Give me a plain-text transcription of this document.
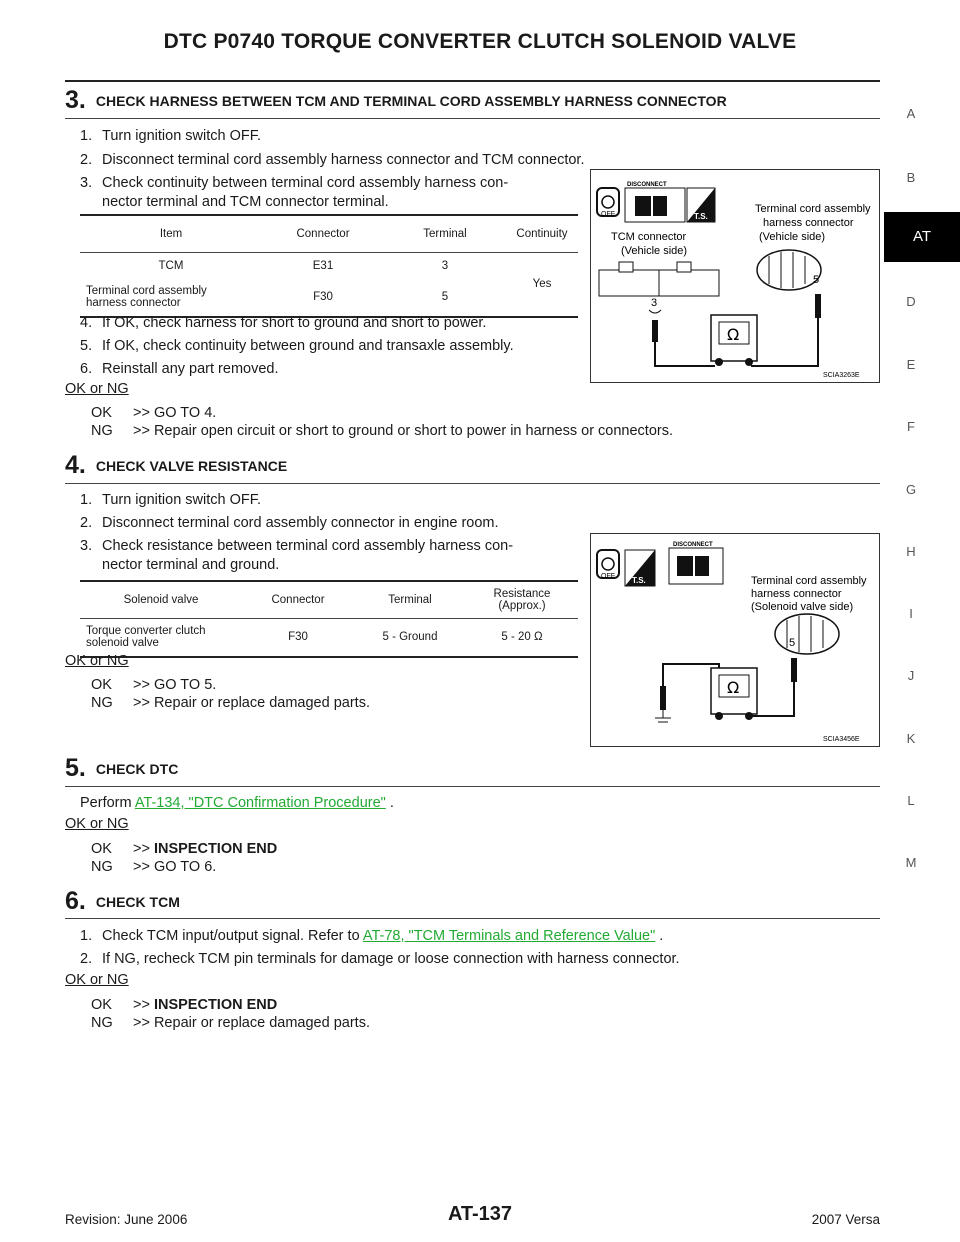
DTC P0740 TORQUE CONVERTER CLUTCH SOLENOID VALVE
A
B
AT
D
E
F
G
H
I
J
K
L
M
3. CHECK HARNESS BETWEEN TCM AND TERMINAL CORD ASSEMBLY HARNESS CONNECTOR
1. Turn ignition switch OFF.
2. Disconnect terminal cord assembly harness connector and TCM connector.
3. Check continuity between terminal cord assembly harness con-
nector terminal and TCM connector terminal.
Item	Connector	Terminal	Continuity
TCM	E31	3	Yes
Terminal cord assembly
harness connector	F30	5	
4. If OK, check harness for short to ground and short to power.
5. If OK, check continuity between ground and transaxle assembly.
6. Reinstall any part removed.
OK or NG
OK >> GO TO 4.
NG >> Repair open circuit or short to ground or short to power in harness or connectors.
OFF
DISCONNECT
T.S.
Terminal cord assembly
harness connector
(Vehicle side)
TCM connector
(Vehicle side)
3
5
Ω
SCIA3263E
4. CHECK VALVE RESISTANCE
1. Turn ignition switch OFF.
2. Disconnect terminal cord assembly connector in engine room.
3. Check resistance between terminal cord assembly harness con-
nector terminal and ground.
Solenoid valve	Connector	Terminal	Resistance (Approx.)
Torque converter clutch
solenoid valve	F30	5 - Ground	5 - 20 Ω
OK or NG
OK >> GO TO 5.
NG >> Repair or replace damaged parts.
OFF T.S.
DISCONNECT
Terminal cord assembly
harness connector
(Solenoid valve side)
5
Ω
SCIA3456E
5. CHECK DTC
Perform AT-134, "DTC Confirmation Procedure" .
OK or NG
OK >> INSPECTION END
NG >> GO TO 6.
6. CHECK TCM
1. Check TCM input/output signal. Refer to AT-78, "TCM Terminals and Reference Value" .
2. If NG, recheck TCM pin terminals for damage or loose connection with harness connector.
OK or NG
OK >> INSPECTION END
NG >> Repair or replace damaged parts.
Revision: June 2006	AT-137	2007 Versa
